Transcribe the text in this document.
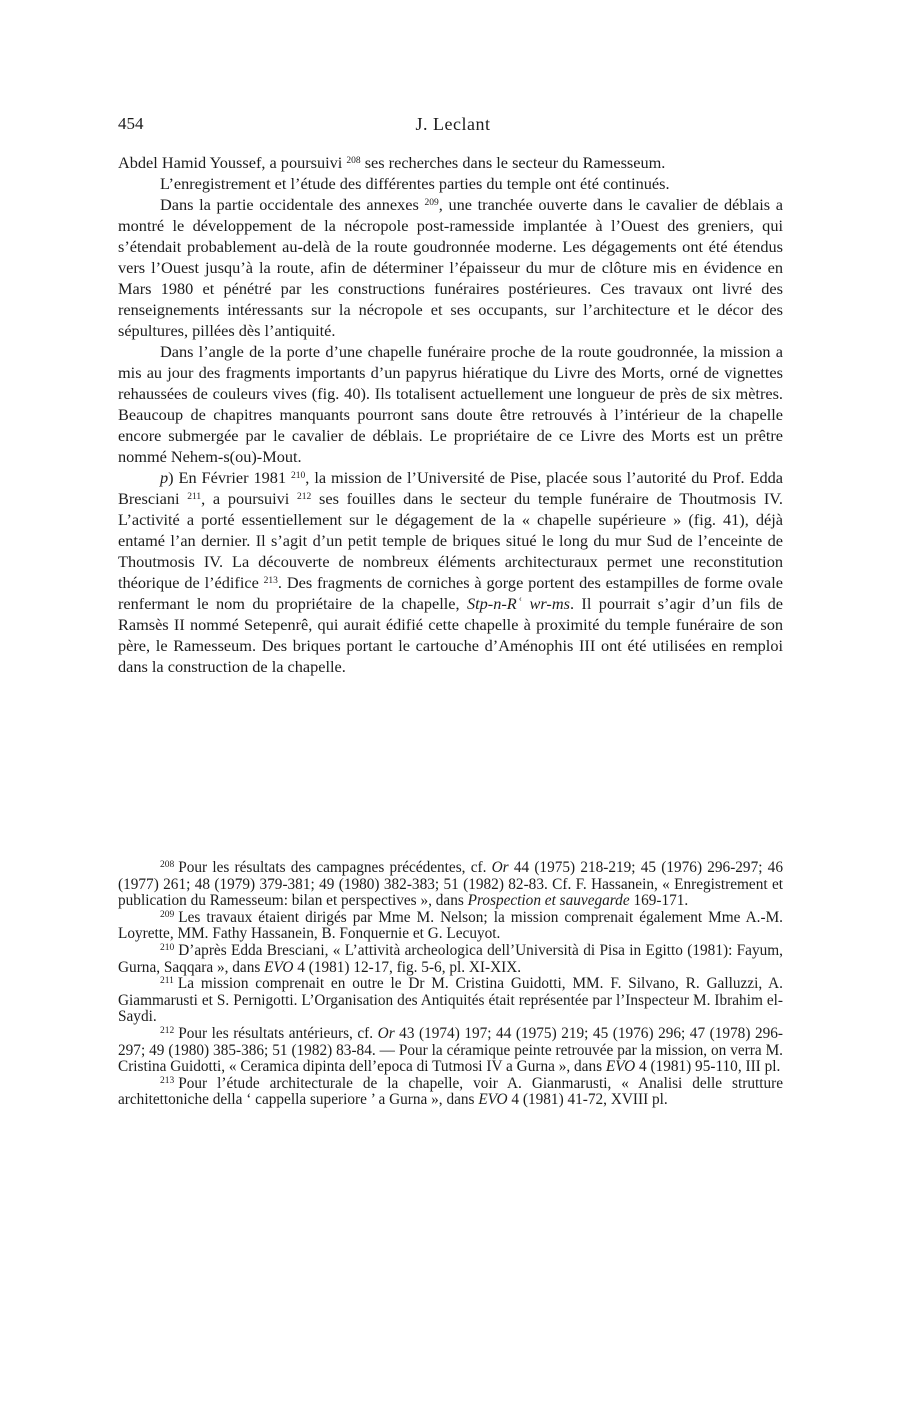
454	J. Leclant

Abdel Hamid Youssef, a poursuivi $^{208}$ ses recherches dans le secteur du Ramesseum.

L’enregistrement et l’étude des différentes parties du temple ont été continués.

Dans la partie occidentale des annexes $^{209}$, une tranchée ouverte dans le cavalier de déblais a montré le développement de la nécropole post-ramesside implantée à l’Ouest des greniers, qui s’étendait probablement au-delà de la route goudronnée moderne. Les dégagements ont été étendus vers l’Ouest jusqu’à la route, afin de déterminer l’épaisseur du mur de clôture mis en évidence en Mars 1980 et pénétré par les constructions funéraires postérieures. Ces travaux ont livré des renseignements intéressants sur la nécropole et ses occupants, sur l’architecture et le décor des sépultures, pillées dès l’antiquité.

Dans l’angle de la porte d’une chapelle funéraire proche de la route goudronnée, la mission a mis au jour des fragments importants d’un papyrus hiératique du Livre des Morts, orné de vignettes rehaussées de couleurs vives (fig. 40). Ils totalisent actuellement une longueur de près de six mètres. Beaucoup de chapitres manquants pourront sans doute être retrouvés à l’intérieur de la chapelle encore submergée par le cavalier de déblais. Le propriétaire de ce Livre des Morts est un prêtre nommé Nehem-s(ou)-Mout.

p) En Février 1981 $^{210}$, la mission de l’Université de Pise, placée sous l’autorité du Prof. Edda Bresciani $^{211}$, a poursuivi $^{212}$ ses fouilles dans le secteur du temple funéraire de Thoutmosis IV. L’activité a porté essentiellement sur le dégagement de la « chapelle supérieure » (fig. 41), déjà entamé l’an dernier. Il s’agit d’un petit temple de briques situé le long du mur Sud de l’enceinte de Thoutmosis IV. La découverte de nombreux éléments architecturaux permet une reconstitution théorique de l’édifice $^{213}$. Des fragments de corniches à gorge portent des estampilles de forme ovale renfermant le nom du propriétaire de la chapelle, Stp-n-Rʿ wr-ms. Il pourrait s’agir d’un fils de Ramsès II nommé Setepenrê, qui aurait édifié cette chapelle à proximité du temple funéraire de son père, le Ramesseum. Des briques portant le cartouche d’Aménophis III ont été utilisées en remploi dans la construction de la chapelle.

$^{208}$ Pour les résultats des campagnes précédentes, cf. Or 44 (1975) 218-219; 45 (1976) 296-297; 46 (1977) 261; 48 (1979) 379-381; 49 (1980) 382-383; 51 (1982) 82-83. Cf. F. Hassanein, « Enregistrement et publication du Ramesseum: bilan et perspectives », dans Prospection et sauvegarde 169-171.

$^{209}$ Les travaux étaient dirigés par Mme M. Nelson; la mission comprenait également Mme A.-M. Loyrette, MM. Fathy Hassanein, B. Fonquernie et G. Lecuyot.

$^{210}$ D’après Edda Bresciani, « L’attività archeologica dell’Università di Pisa in Egitto (1981): Fayum, Gurna, Saqqara », dans EVO 4 (1981) 12-17, fig. 5-6, pl. XI-XIX.

$^{211}$ La mission comprenait en outre le Dr M. Cristina Guidotti, MM. F. Silvano, R. Galluzzi, A. Giammarusti et S. Pernigotti. L’Organisation des Antiquités était représentée par l’Inspecteur M. Ibrahim el-Saydi.

$^{212}$ Pour les résultats antérieurs, cf. Or 43 (1974) 197; 44 (1975) 219; 45 (1976) 296; 47 (1978) 296-297; 49 (1980) 385-386; 51 (1982) 83-84. — Pour la céramique peinte retrouvée par la mission, on verra M. Cristina Guidotti, « Ceramica dipinta dell’epoca di Tutmosi IV a Gurna », dans EVO 4 (1981) 95-110, III pl.

$^{213}$ Pour l’étude architecturale de la chapelle, voir A. Gianmarusti, « Analisi delle strutture architettoniche della ‘ cappella superiore ’ a Gurna », dans EVO 4 (1981) 41-72, XVIII pl.
